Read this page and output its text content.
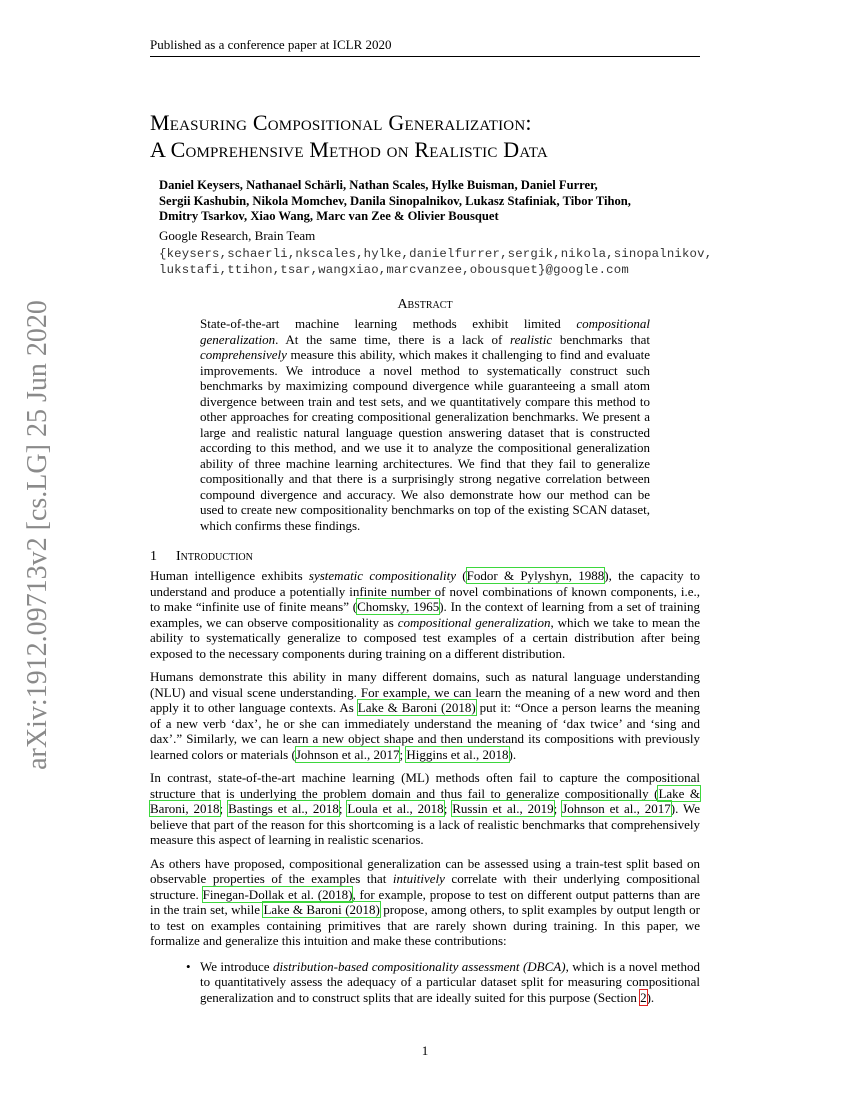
arXiv:1912.09713v2 [cs.LG] 25 Jun 2020
Published as a conference paper at ICLR 2020
Measuring Compositional Generalization:
A Comprehensive Method on Realistic Data
Daniel Keysers, Nathanael Schärli, Nathan Scales, Hylke Buisman, Daniel Furrer,
Sergii Kashubin, Nikola Momchev, Danila Sinopalnikov, Lukasz Stafiniak, Tibor Tihon,
Dmitry Tsarkov, Xiao Wang, Marc van Zee & Olivier Bousquet
Google Research, Brain Team
{keysers,schaerli,nkscales,hylke,danielfurrer,sergik,nikola,sinopalnikov,
lukstafi,ttihon,tsar,wangxiao,marcvanzee,obousquet}@google.com
Abstract
State-of-the-art machine learning methods exhibit limited compositional generalization. At the same time, there is a lack of realistic benchmarks that comprehensively measure this ability, which makes it challenging to find and evaluate improvements. We introduce a novel method to systematically construct such benchmarks by maximizing compound divergence while guaranteeing a small atom divergence between train and test sets, and we quantitatively compare this method to other approaches for creating compositional generalization benchmarks. We present a large and realistic natural language question answering dataset that is constructed according to this method, and we use it to analyze the compositional generalization ability of three machine learning architectures. We find that they fail to generalize compositionally and that there is a surprisingly strong negative correlation between compound divergence and accuracy. We also demonstrate how our method can be used to create new compositionality benchmarks on top of the existing SCAN dataset, which confirms these findings.
1 Introduction

Human intelligence exhibits systematic compositionality (Fodor & Pylyshyn, 1988), the capacity to understand and produce a potentially infinite number of novel combinations of known components, i.e., to make “infinite use of finite means” (Chomsky, 1965). In the context of learning from a set of training examples, we can observe compositionality as compositional generalization, which we take to mean the ability to systematically generalize to composed test examples of a certain distribution after being exposed to the necessary components during training on a different distribution.

Humans demonstrate this ability in many different domains, such as natural language understanding (NLU) and visual scene understanding. For example, we can learn the meaning of a new word and then apply it to other language contexts. As Lake & Baroni (2018) put it: “Once a person learns the meaning of a new verb ‘dax’, he or she can immediately understand the meaning of ‘dax twice’ and ‘sing and dax’.” Similarly, we can learn a new object shape and then understand its compositions with previously learned colors or materials (Johnson et al., 2017; Higgins et al., 2018).

In contrast, state-of-the-art machine learning (ML) methods often fail to capture the compositional structure that is underlying the problem domain and thus fail to generalize compositionally (Lake & Baroni, 2018; Bastings et al., 2018; Loula et al., 2018; Russin et al., 2019; Johnson et al., 2017). We believe that part of the reason for this shortcoming is a lack of realistic benchmarks that comprehensively measure this aspect of learning in realistic scenarios.

As others have proposed, compositional generalization can be assessed using a train-test split based on observable properties of the examples that intuitively correlate with their underlying compositional structure. Finegan-Dollak et al. (2018), for example, propose to test on different output patterns than are in the train set, while Lake & Baroni (2018) propose, among others, to split examples by output length or to test on examples containing primitives that are rarely shown during training. In this paper, we formalize and generalize this intuition and make these contributions:

• We introduce distribution-based compositionality assessment (DBCA), which is a novel method to quantitatively assess the adequacy of a particular dataset split for measuring compositional generalization and to construct splits that are ideally suited for this purpose (Section 2).
1
